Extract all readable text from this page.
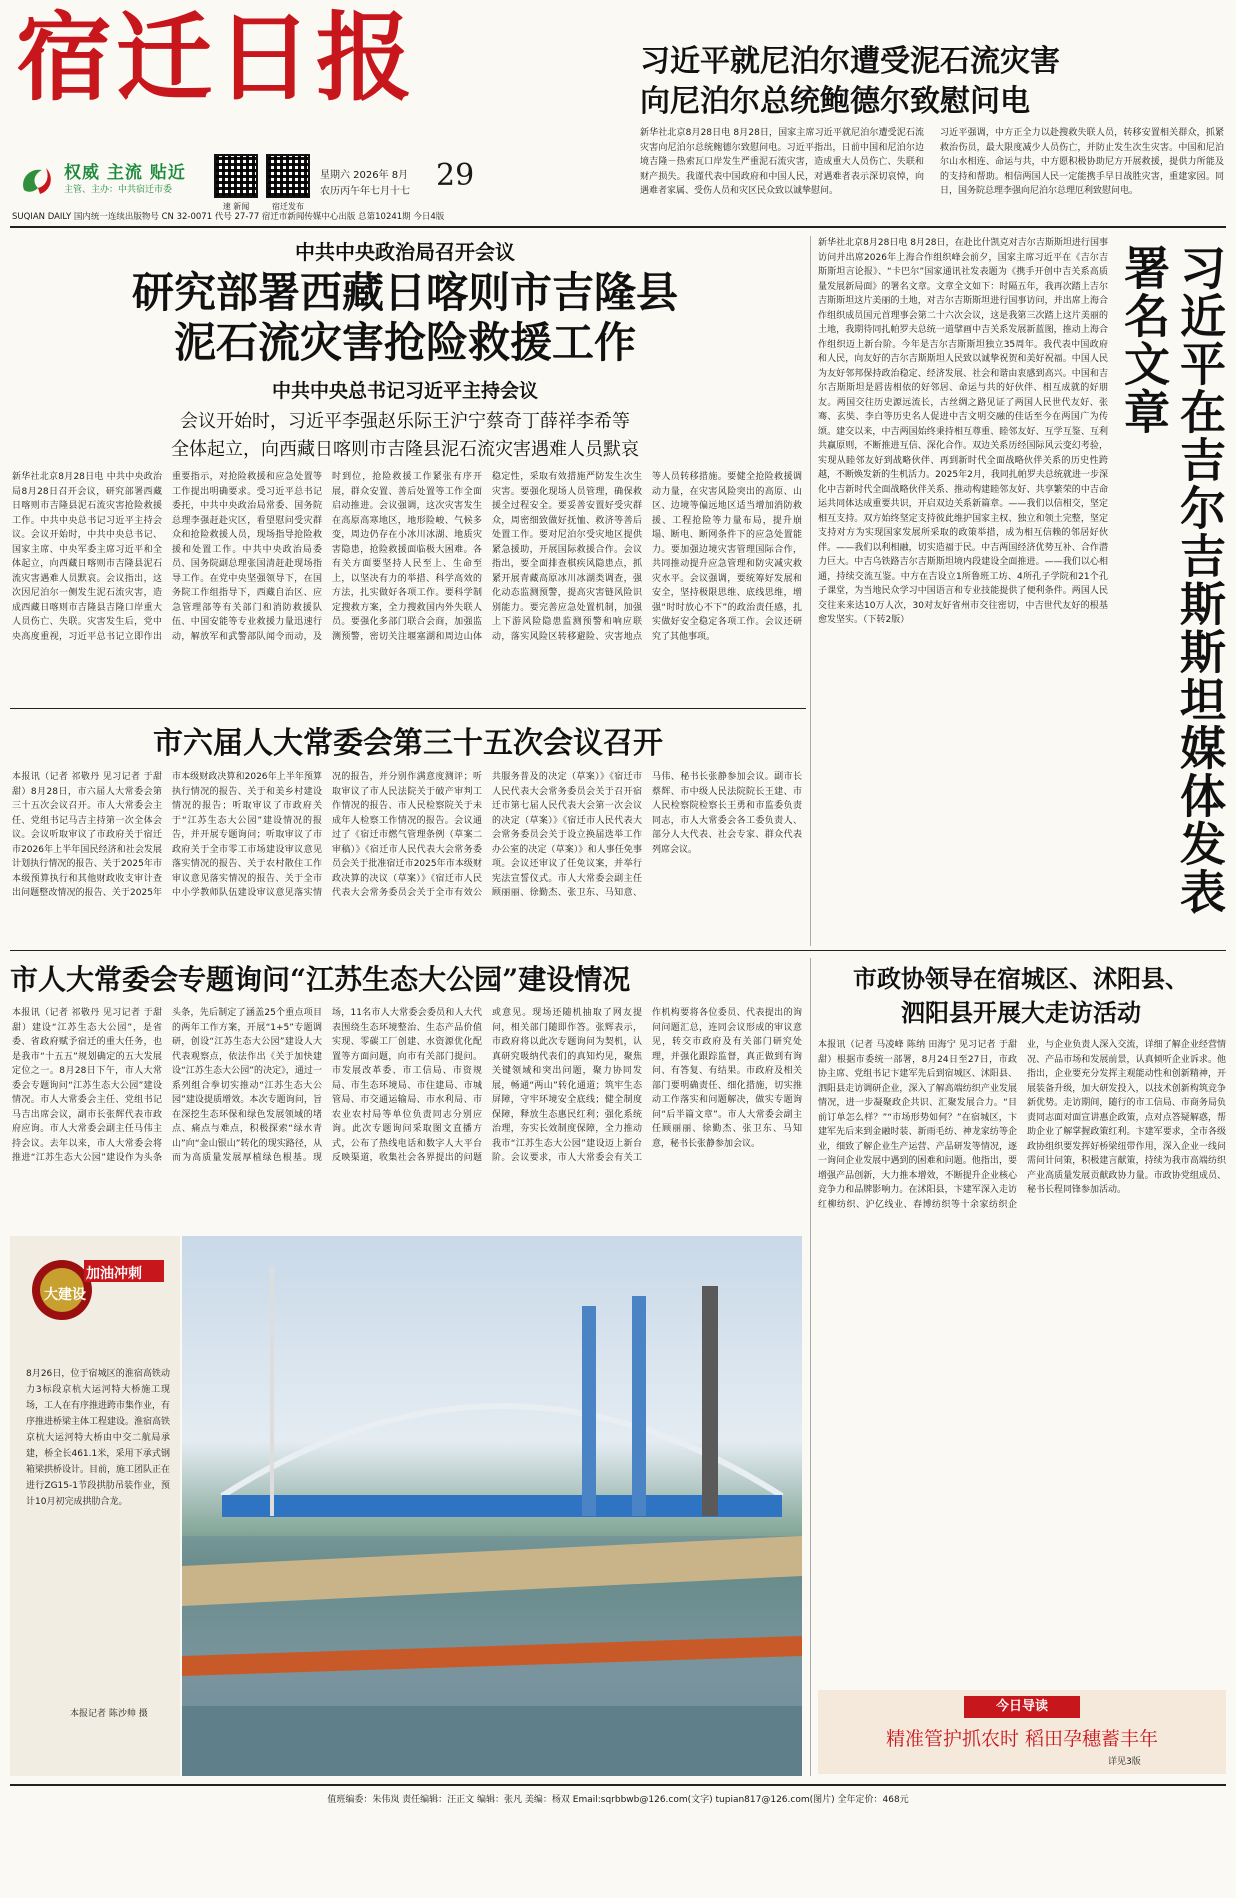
宿迁日报
权威 主流 贴近
主管、主办：中共宿迁市委
速 新闻	宿迁发布
星期六 2026年 8月
农历丙午年七月十七 29
SUQIAN DAILY 国内统一连续出版物号 CN 32-0071 代号 27-77 宿迁市新闻传媒中心出版 总第10241期 今日4版
习近平就尼泊尔遭受泥石流灾害
向尼泊尔总统鲍德尔致慰问电
新华社北京8月28日电 8月28日，国家主席习近平就尼泊尔遭受泥石流灾害向尼泊尔总统鲍德尔致慰问电。习近平指出，日前中国和尼泊尔边境吉隆－热索瓦口岸发生严重泥石流灾害，造成重大人员伤亡、失联和财产损失。我谨代表中国政府和中国人民，对遇难者表示深切哀悼，向遇难者家属、受伤人员和灾区民众致以诚挚慰问。
习近平强调，中方正全力以赴搜救失联人员，转移安置相关群众，抓紧救治伤员，最大限度减少人员伤亡，并防止发生次生灾害。中国和尼泊尔山水相连、命运与共，中方愿积极协助尼方开展救援，提供力所能及的支持和帮助。相信两国人民一定能携手早日战胜灾害，重建家园。同日，国务院总理李强向尼泊尔总理厄利致慰问电。
中共中央政治局召开会议
研究部署西藏日喀则市吉隆县
泥石流灾害抢险救援工作
中共中央总书记习近平主持会议
会议开始时，习近平李强赵乐际王沪宁蔡奇丁薛祥李希等
全体起立，向西藏日喀则市吉隆县泥石流灾害遇难人员默哀
新华社北京8月28日电 中共中央政治局8月28日召开会议，研究部署西藏日喀则市吉隆县泥石流灾害抢险救援工作。中共中央总书记习近平主持会议。会议开始时，中共中央总书记、国家主席、中央军委主席习近平和全体起立，向西藏日喀则市吉隆县泥石流灾害遇难人员默哀。会议指出，这次因尼泊尔一侧发生泥石流灾害，造成西藏日喀则市吉隆县吉隆口岸重大人员伤亡、失联。灾害发生后，党中央高度重视，习近平总书记立即作出重要指示，对抢险救援和应急处置等工作提出明确要求。受习近平总书记委托，中共中央政治局常委、国务院总理李强赶赴灾区，看望慰问受灾群众和抢险救援人员，现场指导抢险救援和处置工作。中共中央政治局委员、国务院副总理张国清赶赴现场指导工作。在党中央坚强领导下，在国务院工作组指导下，西藏自治区、应急管理部等有关部门和消防救援队伍、中国安能等专业救援力量迅速行动，解放军和武警部队闻令而动，及时到位，抢险救援工作紧张有序开展，群众安置、善后处置等工作全面启动推进。会议强调，这次灾害发生在高原高寒地区，地形险峻、气候多变，周边仍存在小冰川冰湖、地质灾害隐患，抢险救援面临极大困难。各有关方面要坚持人民至上、生命至上，以坚决有力的举措、科学高效的方法，扎实做好各项工作。要科学制定搜救方案，全力搜救国内外失联人员。要强化多部门联合会商，加强监测预警，密切关注堰塞湖和周边山体稳定性，采取有效措施严防发生次生灾害。要强化现场人员管理，确保救援全过程安全。要妥善安置好受灾群众，周密细致做好抚恤、救济等善后处置工作。要对尼泊尔受灾地区提供紧急援助，开展国际救援合作。会议指出，要全面排查棋疾风隐患点，抓紧开展青藏高原冰川冰湖类调查，强化动态监测预警，提高灾害链风险识别能力。要完善应急处置机制，加强上下游风险隐患监测预警和响应联动，落实风险区转移避险、灾害地点等人员转移措施。要健全抢险救援调动力量，在灾害风险突出的高原、山区、边境等偏远地区适当增加消防救援、工程抢险等力量布局，提升崩塌、断电、断网条件下的应急处置能力。要加强边境灾害管理国际合作，共同推动提升应急管理和防灾减灾救灾水平。会议强调，要统筹好发展和安全，坚持极限思维、底线思维，增强“时时放心不下”的政治责任感，扎实做好安全稳定各项工作。会议还研究了其他事项。
新华社北京8月28日电 8月28日，在赴比什凯克对吉尔吉斯斯坦进行国事访问并出席2026年上海合作组织峰会前夕，国家主席习近平在《吉尔吉斯斯坦言论报》、“卡巴尔”国家通讯社发表题为《携手开创中吉关系高质量发展新局面》的署名文章。文章全文如下：时隔五年，我再次踏上吉尔吉斯斯坦这片美丽的土地，对吉尔吉斯斯坦进行国事访问，并出席上海合作组织成员国元首理事会第二十六次会议，这是我第三次踏上这片美丽的土地，我期待同扎帕罗夫总统一道擘画中吉关系发展新蓝图，推动上海合作组织迈上新台阶。今年是吉尔吉斯斯坦独立35周年。我代表中国政府和人民，向友好的吉尔吉斯斯坦人民致以诚挚祝贺和美好祝福。中国人民为友好邻邦保持政治稳定、经济发展、社会和谐由衷感到高兴。中国和吉尔吉斯斯坦是唇齿相依的好邻居、命运与共的好伙伴、相互成就的好朋友。两国交往历史源远流长，古丝绸之路见证了两国人民世代友好、张骞、玄奘、李白等历史名人促进中吉文明交融的佳话至今在两国广为传颂。建交以来，中吉两国始终秉持相互尊重、睦邻友好、互学互鉴、互利共赢原则，不断推进互信、深化合作。双边关系历经国际风云变幻考验，实现从睦邻友好到战略伙伴、再到新时代全面战略伙伴关系的历史性跨越，不断焕发新的生机活力。2025年2月，我同扎帕罗夫总统就进一步深化中吉新时代全面战略伙伴关系、推动构建睦邻友好、共享繁荣的中吉命运共同体达成重要共识，开启双边关系新篇章。——我们以信相交，坚定相互支持。双方始终坚定支持彼此维护国家主权、独立和领土完整，坚定支持对方为实现国家发展所采取的政策举措，成为相互信赖的邻居好伙伴。——我们以利相融，切实造福于民。中吉两国经济优势互补、合作潜力巨大。中吉乌铁路吉尔吉斯斯坦境内段建设全面推进。——我们以心相通，持续交流互鉴。中方在吉设立1所鲁班工坊、4所孔子学院和21个孔子课堂，为当地民众学习中国语言和专业技能提供了便利条件。两国人民交往来来达10万人次，30对友好省州市交往密切，中吉世代友好的根基愈发坚实。（下转2版）	习近平在吉尔吉斯斯坦媒体发表署名文章
市六届人大常委会第三十五次会议召开
本报讯（记者 祁敬丹 见习记者 于甜甜）8月28日，市六届人大常委会第三十五次会议召开。市人大常委会主任、党组书记马吉主持第一次全体会议。会议听取审议了市政府关于宿迁市2026年上半年国民经济和社会发展计划执行情况的报告、关于2025年市本级预算执行和其他财政收支审计查出问题整改情况的报告、关于2025年市本级财政决算和2026年上半年预算执行情况的报告、关于和美乡村建设情况的报告；听取审议了市政府关于“江苏生态大公园”建设情况的报告，并开展专题询问；听取审议了市政府关于全市零工市场建设审议意见落实情况的报告、关于农村散住工作审议意见落实情况的报告、关于全市中小学教师队伍建设审议意见落实情况的报告，并分别作满意度测评；听取审议了市人民法院关于破产审判工作情况的报告、市人民检察院关于未成年人检察工作情况的报告。会议通过了《宿迁市燃气管理条例（草案二审稿）》《宿迁市人民代表大会常务委员会关于批准宿迁市2025年市本级财政决算的决议（草案）》《宿迁市人民代表大会常务委员会关于全市有效公共服务普及的决定（草案）》《宿迁市人民代表大会常务委员会关于召开宿迁市第七届人民代表大会第一次会议的决定（草案）》《宿迁市人民代表大会常务委员会关于设立换届选举工作办公室的决定（草案）》和人事任免事项。会议还审议了任免议案，并举行宪法宣誓仪式。市人大常委会副主任顾丽丽、徐勤杰、张卫东、马知意、马伟、秘书长张静参加会议。副市长蔡辉、市中级人民法院院长王建、市人民检察院检察长王勇和市监委负责同志，市人大常委会各工委负责人、部分人大代表、社会专家、群众代表列席会议。
市人大常委会专题询问“江苏生态大公园”建设情况
本报讯（记者 祁敬丹 见习记者 于甜甜）建设“江苏生态大公园”，是省委、省政府赋予宿迁的重大任务，也是我市“十五五”规划确定的五大发展定位之一。8月28日下午，市人大常委会专题询问“江苏生态大公园”建设情况。市人大常委会主任、党组书记马吉出席会议，副市长张辉代表市政府应询。市人大常委会副主任马伟主持会议。去年以来，市人大常委会将推进“江苏生态大公园”建设作为头条头条，先后制定了涵盖25个重点项目的两年工作方案，开展“1+5”专题调研，创设“江苏生态大公园”建设人大代表观察点，依法作出《关于加快建设“江苏生态大公园”的决定》，通过一系列组合拳切实推动“江苏生态大公园”建设提质增效。本次专题询问，旨在深挖生态环保和绿色发展领域的堵点、痛点与难点，积极探索“绿水青山”向“金山银山”转化的现实路径，从而为高质量发展厚植绿色根基。现场，11名市人大常委会委员和人大代表围绕生态环境整治、生态产品价值实现、零碳工厂创建、水资源优化配置等方面问题，向市有关部门提问。市发展改革委、市工信局、市资规局、市生态环境局、市住建局、市城管局、市交通运输局、市水利局、市农业农村局等单位负责同志分别应询。此次专题询问采取图文直播方式，公布了热线电话和数字人大平台反映渠道，收集社会各界提出的问题或意见。现场还随机抽取了网友提问，相关部门随即作答。张辉表示，市政府将以此次专题询问为契机，认真研究吸纳代表们的真知灼见，聚焦关键领域和突出问题，聚力协同发展，畅通“两山”转化通道；筑牢生态屏障，守牢环境安全底线；健全制度保障，释放生态惠民红利；强化系统治理，夯实长效制度保障，全力推动我市“江苏生态大公园”建设迈上新台阶。会议要求，市人大常委会有关工作机构要将各位委员、代表提出的询问问题汇总，连同会议形成的审议意见，转交市政府及有关部门研究处理，并强化跟踪监督，真正做到有询问、有答复、有结果。市政府及相关部门要明确责任、细化措施，切实推动工作落实和问题解决，做实专题询问“后半篇文章”。市人大常委会副主任顾丽丽、徐勤杰、张卫东、马知意，秘书长张静参加会议。
加油冲刺
大建设
8月26日，位于宿城区的淮宿高铁动力3标段京杭大运河特大桥施工现场，工人在有序推进跨市集作业，有序推进桥梁主体工程建设。淮宿高铁京杭大运河特大桥由中交二航局承建，桥全长461.1米，采用下承式钢箱梁拱桥设计。目前，施工团队正在进行ZG15-1节段拱肋吊装作业，预计10月初完成拱肋合龙。
本报记者 陈沙帅 摄
市政协领导在宿城区、沭阳县、
泗阳县开展大走访活动
本报讯（记者 马凌峰 陈纳 田海宁 见习记者 于甜甜）根据市委统一部署，8月24日至27日，市政协主席、党组书记卞建军先后到宿城区、沭阳县、泗阳县走访调研企业，深入了解高端纺织产业发展情况，进一步凝聚政企共识、汇聚发展合力。“目前订单怎么样？”“市场形势如何？”在宿城区，卞建军先后来到金融时装、新雨毛纺、神龙家纺等企业，细致了解企业生产运营、产品研发等情况，逐一询问企业发展中遇到的困难和问题。他指出，要增强产品创新，大力推本增效，不断提升企业核心竞争力和品牌影响力。在沭阳县，卞建军深入走访红柳纺织、沪亿线业、春博纺织等十余家纺织企业，与企业负责人深入交流，详细了解企业经营情况、产品市场和发展前景，认真倾听企业诉求。他指出，企业要充分发挥主观能动性和创新精神，开展装备升级，加大研发投入，以技术创新构筑竞争新优势。走访期间，随行的市工信局、市商务局负责同志面对面宣讲惠企政策，点对点答疑解惑，帮助企业了解掌握政策红利。卞建军要求，全市各级政协组织要发挥好桥梁纽带作用，深入企业一线问需问计问策，积极建言献策，持续为我市高端纺织产业高质量发展贡献政协力量。市政协党组成员、秘书长程同锋参加活动。
今日导读
精准管护抓农时 稻田孕穗蓄丰年
详见3版
值班编委：朱伟岚 责任编辑：汪正文 编辑：张凡 美编：杨双 Email:sqrbbwb@126.com(文字) tupian817@126.com(图片) 全年定价：468元
